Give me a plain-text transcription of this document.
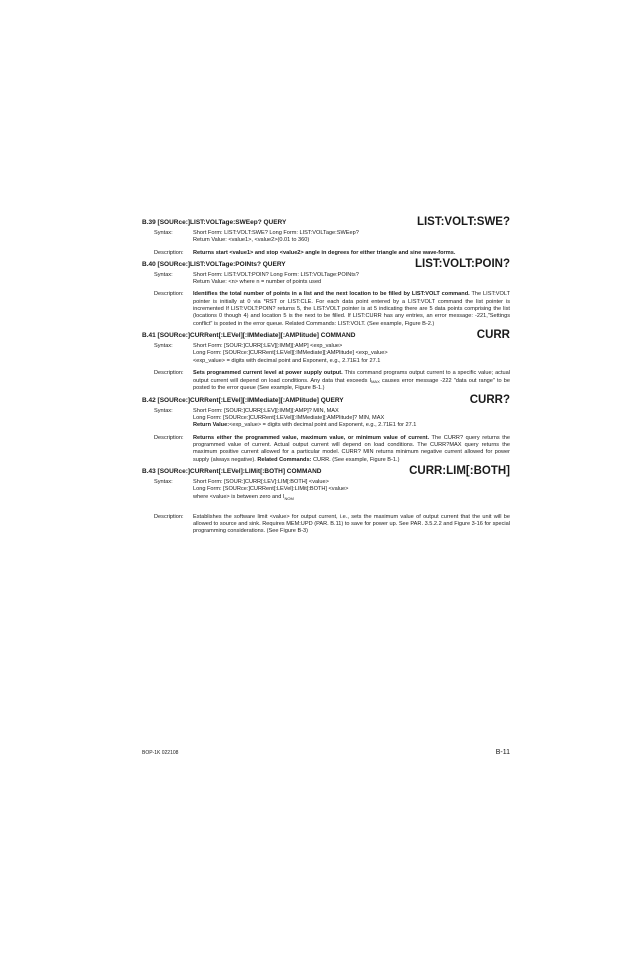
B.39 [SOURce:]LIST:VOLTage:SWEep? QUERY	LIST:VOLT:SWE?
Syntax:	Short Form: LIST:VOLT:SWE? Long Form: LIST:VOLTage:SWEep?
Return Value: <value1>, <value2>(0.01 to 360)
Description:	Returns start <value1> and stop <value2> angle in degrees for either triangle and sine wave-forms.
B.40 [SOURce:]LIST:VOLTage:POINts? QUERY	LIST:VOLT:POIN?
Syntax:	Short Form: LIST:VOLT:POIN? Long Form: LIST:VOLTage:POINts?
Return Value: <n> where n = number of points used
Description:	Identifies the total number of points in a list and the next location to be filled by LIST:VOLT command. The LIST:VOLT pointer is initially at 0 via *RST or LIST:CLE. For each data point entered by a LIST:VOLT command the list pointer is incremented If LIST:VOLT:POIN? returns 5, the LIST:VOLT pointer is at 5 indicating there are 5 data points comprising the list (locations 0 though 4) and location 5 is the next to be filled. If LIST:CURR has any entries, an error message: -221,"Settings conflict" is posted in the error queue. Related Commands: LIST:VOLT. (See example, Figure B-2.)
B.41 [SOURce:]CURRent[:LEVel][:IMMediate][:AMPlitude] COMMAND	CURR
Syntax:	Short Form: [SOUR:]CURR[:LEV][:IMM][:AMP] <exp_value>
Long Form: [SOURce:]CURRent[:LEVel][:IMMediate][:AMPlitude] <exp_value>
<exp_value> = digits with decimal point and Exponent, e.g., 2.71E1 for 27.1
Description:	Sets programmed current level at power supply output. This command programs output current to a specific value; actual output current will depend on load conditions. Any data that exceeds $I_{MAX}$ causes error message -222 "data out range" to be posted to the error queue (See example, Figure B-1.)
B.42 [SOURce:]CURRent[:LEVel][:IMMediate][:AMPlitude] QUERY	CURR?
Syntax:	Short Form: [SOUR:]CURR[:LEV][:IMM][:AMP]? MIN, MAX
Long Form: [SOURce:]CURRent[:LEVel][:IMMediate][:AMPlitude]? MIN, MAX
Return Value:<exp_value> = digits with decimal point and Exponent, e.g., 2.71E1 for 27.1
Description:	Returns either the programmed value, maximum value, or minimum value of current. The CURR? query returns the programmed value of current. Actual output current will depend on load conditions. The CURR?MAX query returns the maximum positive current allowed for a particular model. CURR? MIN returns minimum negative current allowed for power supply (always negative). Related Commands: CURR. (See example, Figure B-1.)
B.43 [SOURce:]CURRent[:LEVel]:LIMit[:BOTH] COMMAND	CURR:LIM[:BOTH]
Syntax:	Short Form: [SOUR:]CURR[:LEV]:LIM[:BOTH] <value>
Long Form: [SOURce:]CURRent[:LEVel]:LIMit[:BOTH] <value>
where <value> is between zero and $I_{NOM}$
Description:	Establishes the software limit <value> for output current, i.e., sets the maximum value of output current that the unit will be allowed to source and sink. Requires MEM:UPD (PAR. B.11) to save for power up. See PAR. 3.5.2.2 and Figure 3-16 for special programming considerations. (See Figure B-3)
BOP-1K 022108	B-11
